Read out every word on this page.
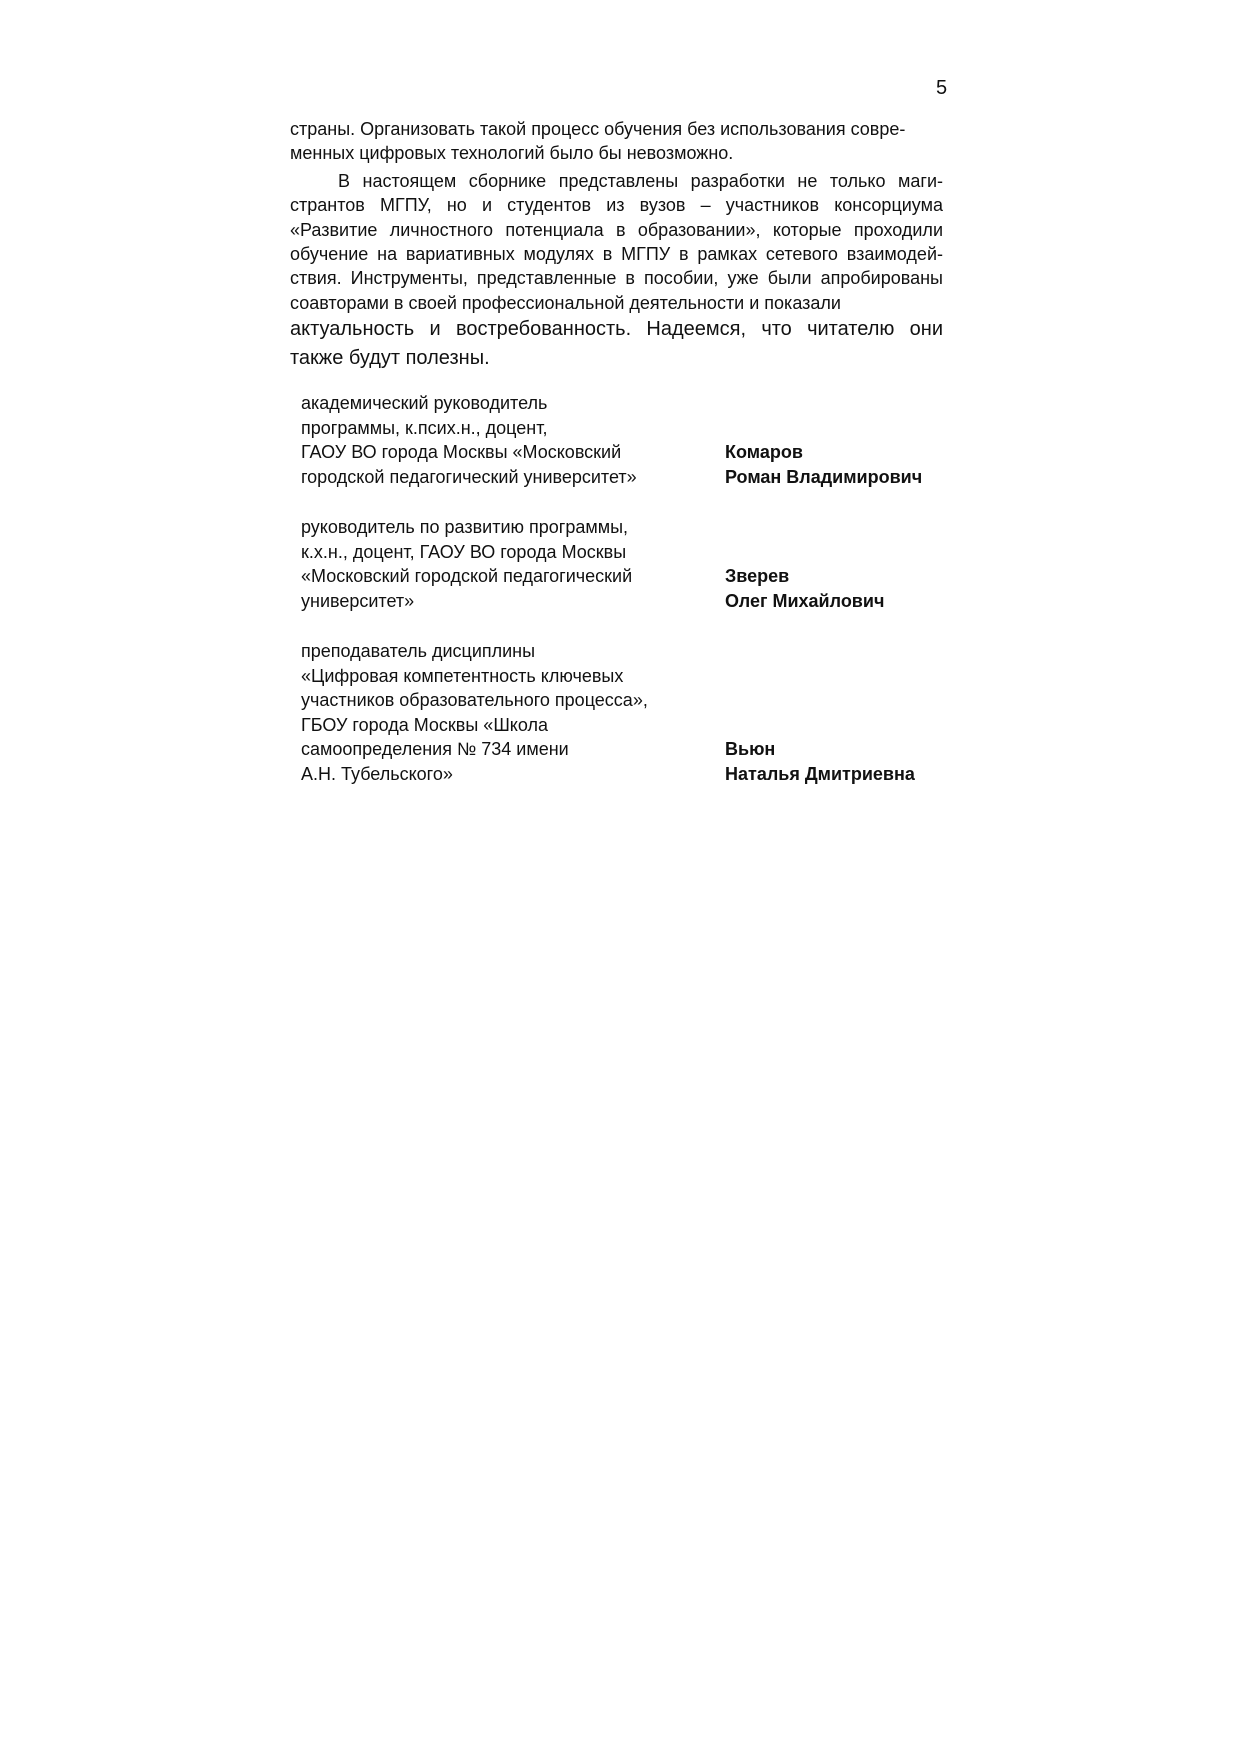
5

страны. Организовать такой процесс обучения без использования совре-
менных цифровых технологий было бы невозможно.

В настоящем сборнике представлены разработки не только магистрантов МГПУ, но и студентов из вузов – участников консорциума «Развитие личностного потенциала в образовании», которые проходили обучение на вариативных модулях в МГПУ в рамках сетевого взаимодействия. Инструменты, представленные в пособии, уже были апробированы соавторами в своей профессиональной деятельности и показали

актуальность и востребованность. Надеемся, что читателю они также будут полезны.

академический руководитель
программы, к.псих.н., доцент,
ГАОУ ВО города Москвы «Московский
городской педагогический университет»
Комаров
Роман Владимирович
руководитель по развитию программы,
к.х.н., доцент, ГАОУ ВО города Москвы
«Московский городской педагогический
университет»
Зверев
Олег Михайлович
преподаватель дисциплины
«Цифровая компетентность ключевых
участников образовательного процесса»,
ГБОУ города Москвы «Школа
самоопределения № 734 имени
А.Н. Тубельского»
Вьюн
Наталья Дмитриевна
